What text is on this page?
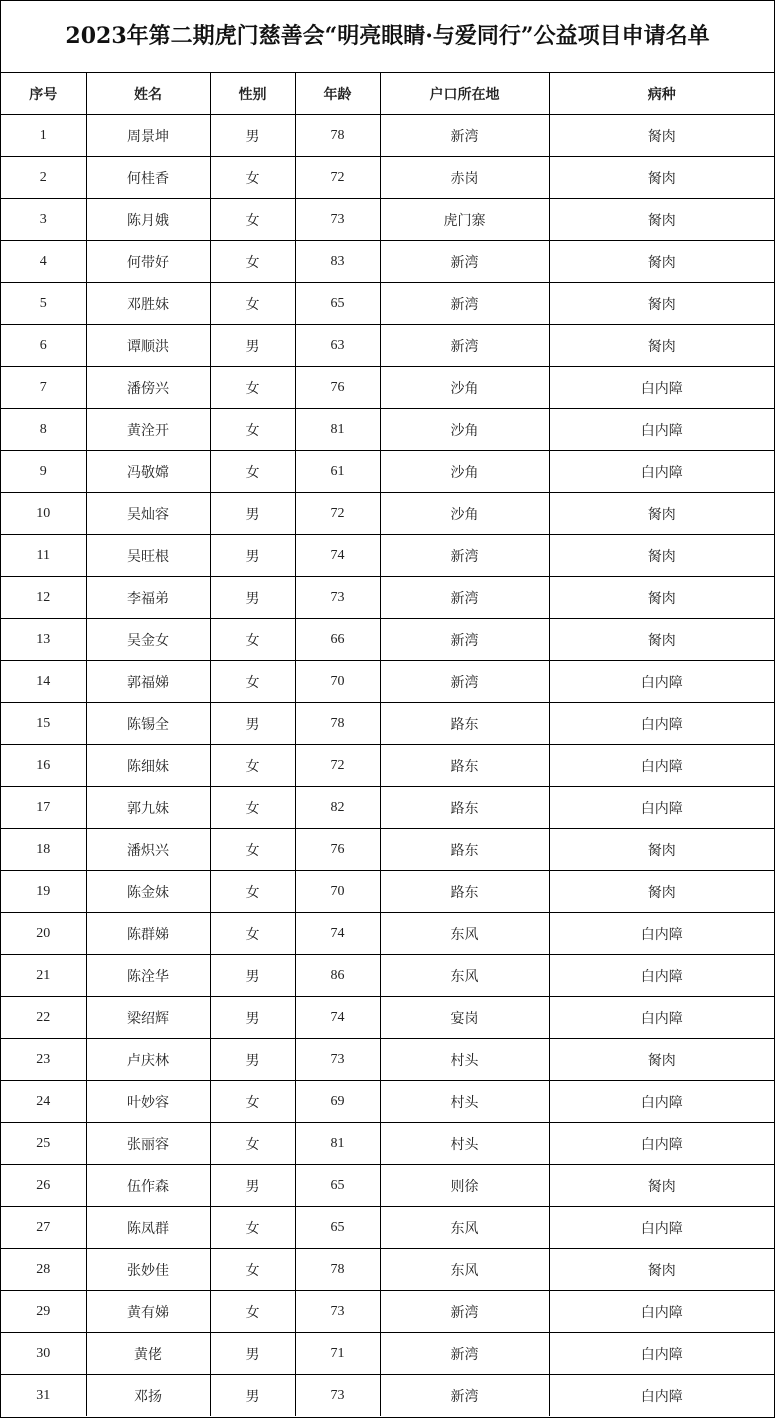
2023年第二期虎门慈善会“明亮眼睛·与爱同行”公益项目申请名单
序号	姓名	性别	年龄	户口所在地	病种
1	周景坤	男	78	新湾	胬肉
2	何桂香	女	72	赤岗	胬肉
3	陈月娥	女	73	虎门寨	胬肉
4	何带好	女	83	新湾	胬肉
5	邓胜妹	女	65	新湾	胬肉
6	谭顺洪	男	63	新湾	胬肉
7	潘傍兴	女	76	沙角	白内障
8	黄洤开	女	81	沙角	白内障
9	冯敬嫦	女	61	沙角	白内障
10	吴灿容	男	72	沙角	胬肉
11	吴旺根	男	74	新湾	胬肉
12	李福弟	男	73	新湾	胬肉
13	吴金女	女	66	新湾	胬肉
14	郭福娣	女	70	新湾	白内障
15	陈锡全	男	78	路东	白内障
16	陈细妹	女	72	路东	白内障
17	郭九妹	女	82	路东	白内障
18	潘炽兴	女	76	路东	胬肉
19	陈金妹	女	70	路东	胬肉
20	陈群娣	女	74	东风	白内障
21	陈洤华	男	86	东风	白内障
22	梁绍辉	男	74	宴岗	白内障
23	卢庆林	男	73	村头	胬肉
24	叶妙容	女	69	村头	白内障
25	张丽容	女	81	村头	白内障
26	伍作森	男	65	则徐	胬肉
27	陈凤群	女	65	东风	白内障
28	张妙佳	女	78	东风	胬肉
29	黄有娣	女	73	新湾	白内障
30	黄佬	男	71	新湾	白内障
31	邓扬	男	73	新湾	白内障
